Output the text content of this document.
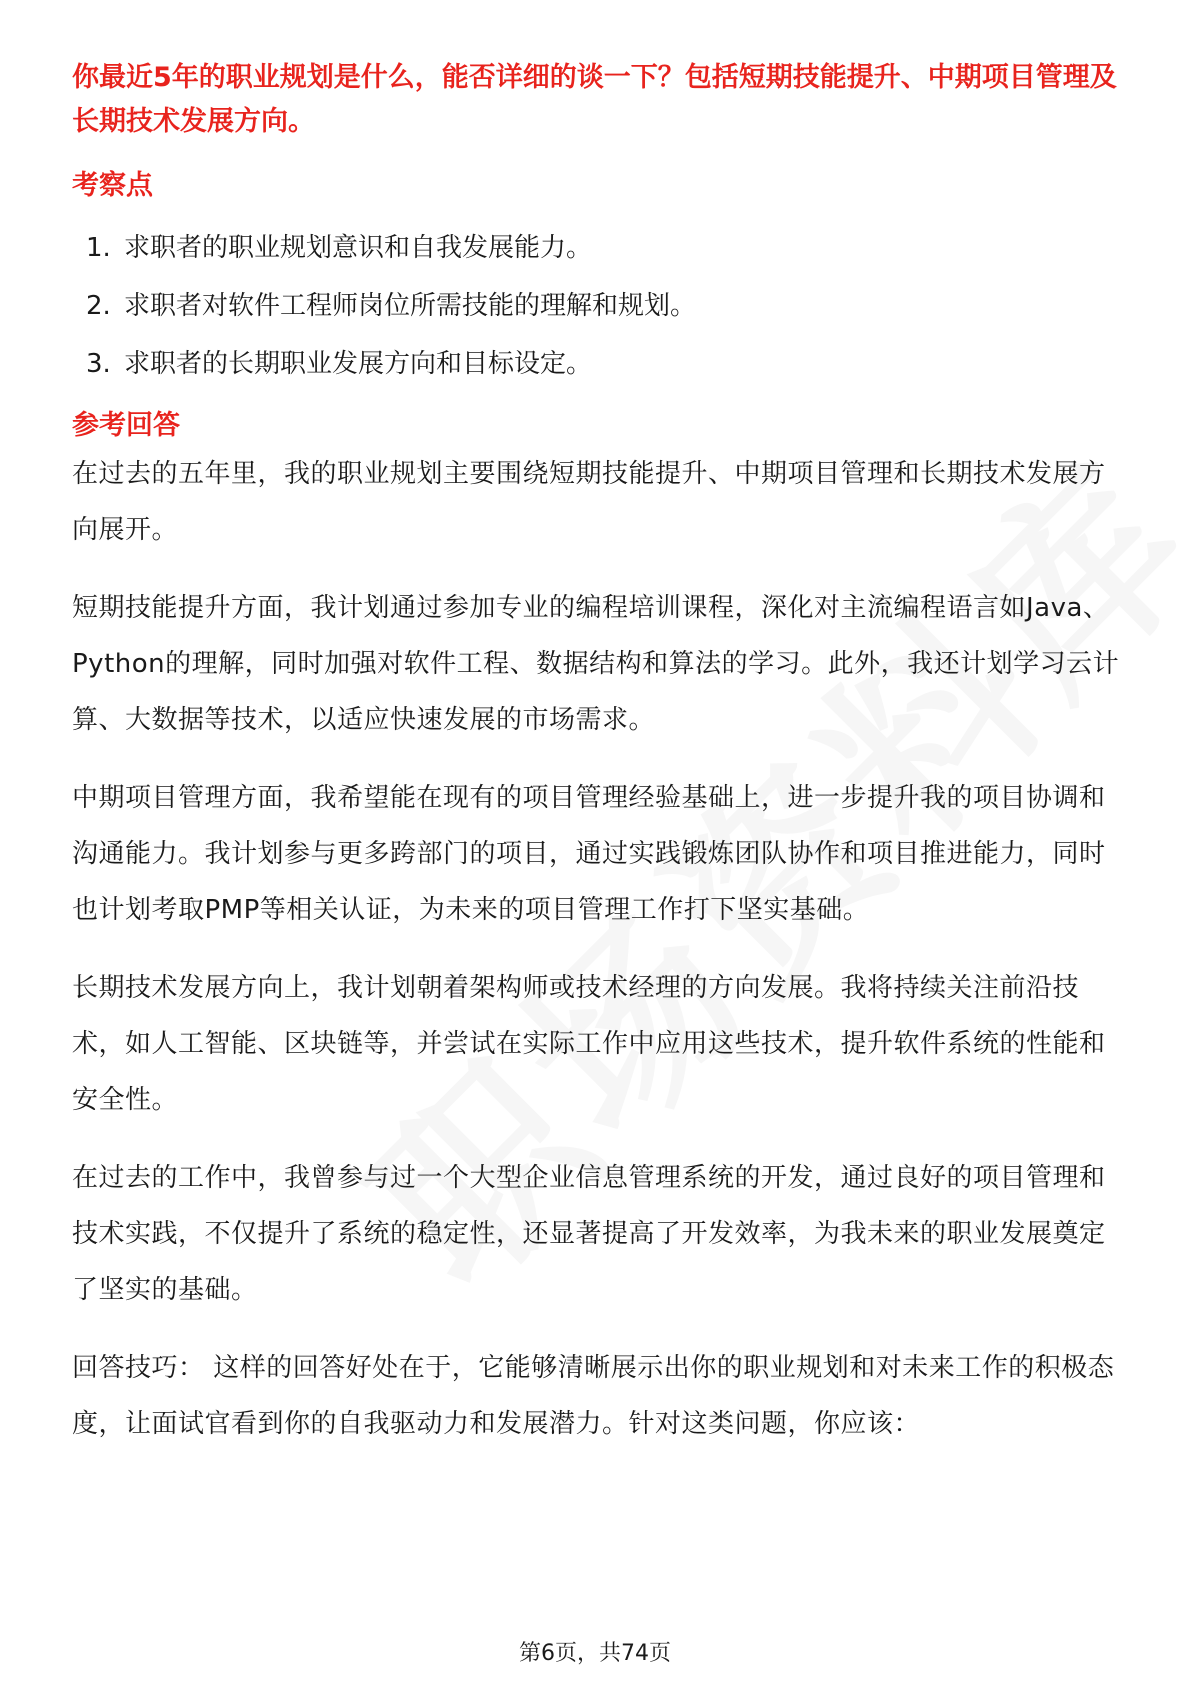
你最近5年的职业规划是什么，能否详细的谈一下？包括短期技能提升、中期项目管理及长期技术发展方向。

考察点

1. 求职者的职业规划意识和自我发展能力。
2. 求职者对软件工程师岗位所需技能的理解和规划。
3. 求职者的长期职业发展方向和目标设定。

参考回答

在过去的五年里，我的职业规划主要围绕短期技能提升、中期项目管理和长期技术发展方向展开。

短期技能提升方面，我计划通过参加专业的编程培训课程，深化对主流编程语言如Java、Python的理解，同时加强对软件工程、数据结构和算法的学习。此外，我还计划学习云计算、大数据等技术，以适应快速发展的市场需求。

中期项目管理方面，我希望能在现有的项目管理经验基础上，进一步提升我的项目协调和沟通能力。我计划参与更多跨部门的项目，通过实践锻炼团队协作和项目推进能力，同时也计划考取PMP等相关认证，为未来的项目管理工作打下坚实基础。

长期技术发展方向上，我计划朝着架构师或技术经理的方向发展。我将持续关注前沿技术，如人工智能、区块链等，并尝试在实际工作中应用这些技术，提升软件系统的性能和安全性。

在过去的工作中，我曾参与过一个大型企业信息管理系统的开发，通过良好的项目管理和技术实践，不仅提升了系统的稳定性，还显著提高了开发效率，为我未来的职业发展奠定了坚实的基础。

回答技巧： 这样的回答好处在于，它能够清晰展示出你的职业规划和对未来工作的积极态度，让面试官看到你的自我驱动力和发展潜力。针对这类问题，你应该：

第6页，共74页
